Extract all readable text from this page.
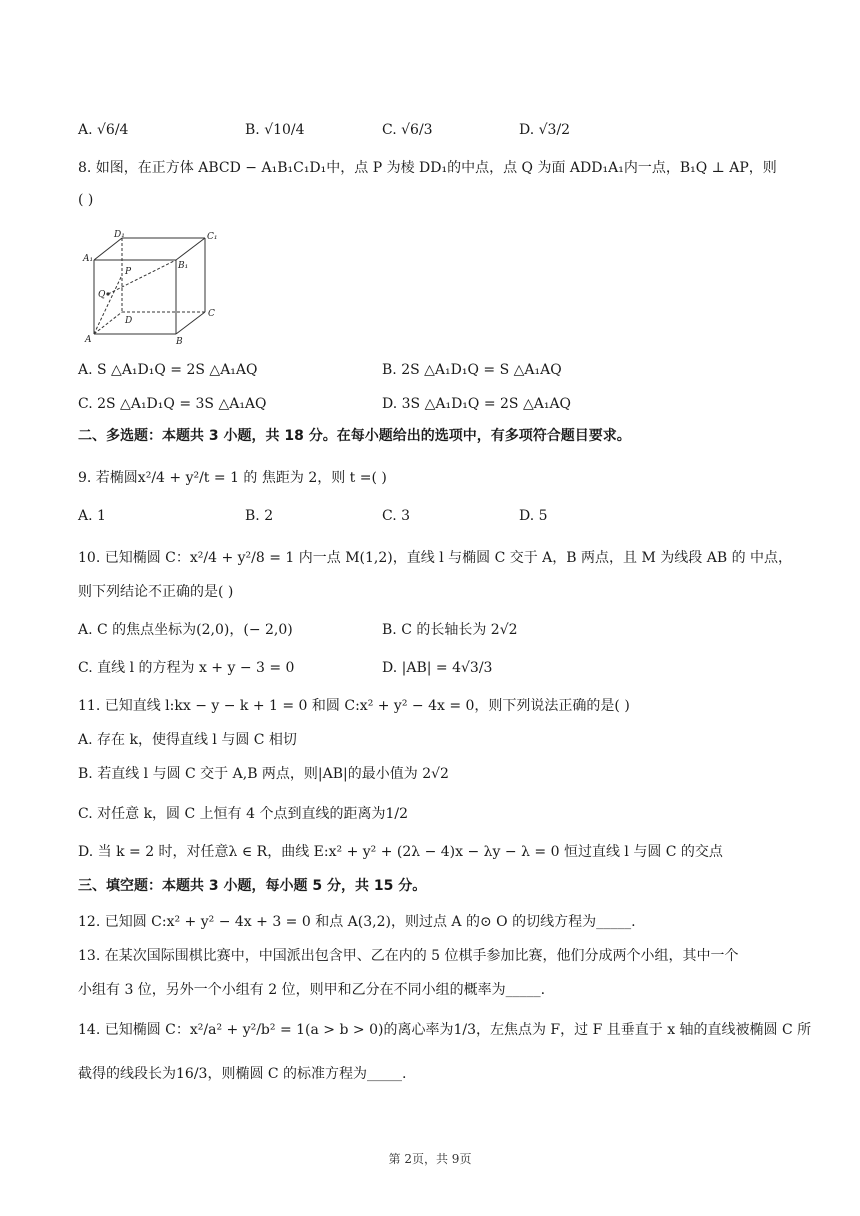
A. √6/4	B. √10/4	C. √6/3	D. √3/2
8. 如图，在正方体 ABCD − A₁B₁C₁D₁中，点 P 为棱 DD₁的中点，点 Q 为面 ADD₁A₁内一点，B₁Q ⊥ AP，则
( )
D₁	C₁
A₁
B₁
P
Q
D
C
A	B
A. S △A₁D₁Q = 2S △A₁AQ	B. 2S △A₁D₁Q = S △A₁AQ
C. 2S △A₁D₁Q = 3S △A₁AQ	D. 3S △A₁D₁Q = 2S △A₁AQ
二、多选题：本题共 3 小题，共 18 分。在每小题给出的选项中，有多项符合题目要求。
9. 若椭圆x²/4 + y²/t = 1 的 焦距为 2，则 t =( )
A. 1	B. 2	C. 3	D. 5
10. 已知椭圆 C：x²/4 + y²/8 = 1 内一点 M(1,2)，直线 l 与椭圆 C 交于 A，B 两点，且 M 为线段 AB 的 中点，
则下列结论不正确的是( )
A. C 的焦点坐标为(2,0)，(− 2,0)	B. C 的长轴长为 2√2
C. 直线 l 的方程为 x + y − 3 = 0	D. |AB| = 4√3/3
11. 已知直线 l:kx − y − k + 1 = 0 和圆 C:x² + y² − 4x = 0，则下列说法正确的是( )
A. 存在 k，使得直线 l 与圆 C 相切
B. 若直线 l 与圆 C 交于 A,B 两点，则|AB|的最小值为 2√2
C. 对任意 k，圆 C 上恒有 4 个点到直线的距离为1/2
D. 当 k = 2 时，对任意λ ∈ R，曲线 E:x² + y² + (2λ − 4)x − λy − λ = 0 恒过直线 l 与圆 C 的交点
三、填空题：本题共 3 小题，每小题 5 分，共 15 分。
12. 已知圆 C:x² + y² − 4x + 3 = 0 和点 A(3,2)，则过点 A 的⊙ O 的切线方程为_____.
13. 在某次国际围棋比赛中，中国派出包含甲、乙在内的 5 位棋手参加比赛，他们分成两个小组，其中一个
小组有 3 位，另外一个小组有 2 位，则甲和乙分在不同小组的概率为_____.
14. 已知椭圆 C：x²/a² + y²/b² = 1(a > b > 0)的离心率为1/3，左焦点为 F，过 F 且垂直于 x 轴的直线被椭圆 C 所
截得的线段长为16/3，则椭圆 C 的标准方程为_____.
第 2页，共 9页
